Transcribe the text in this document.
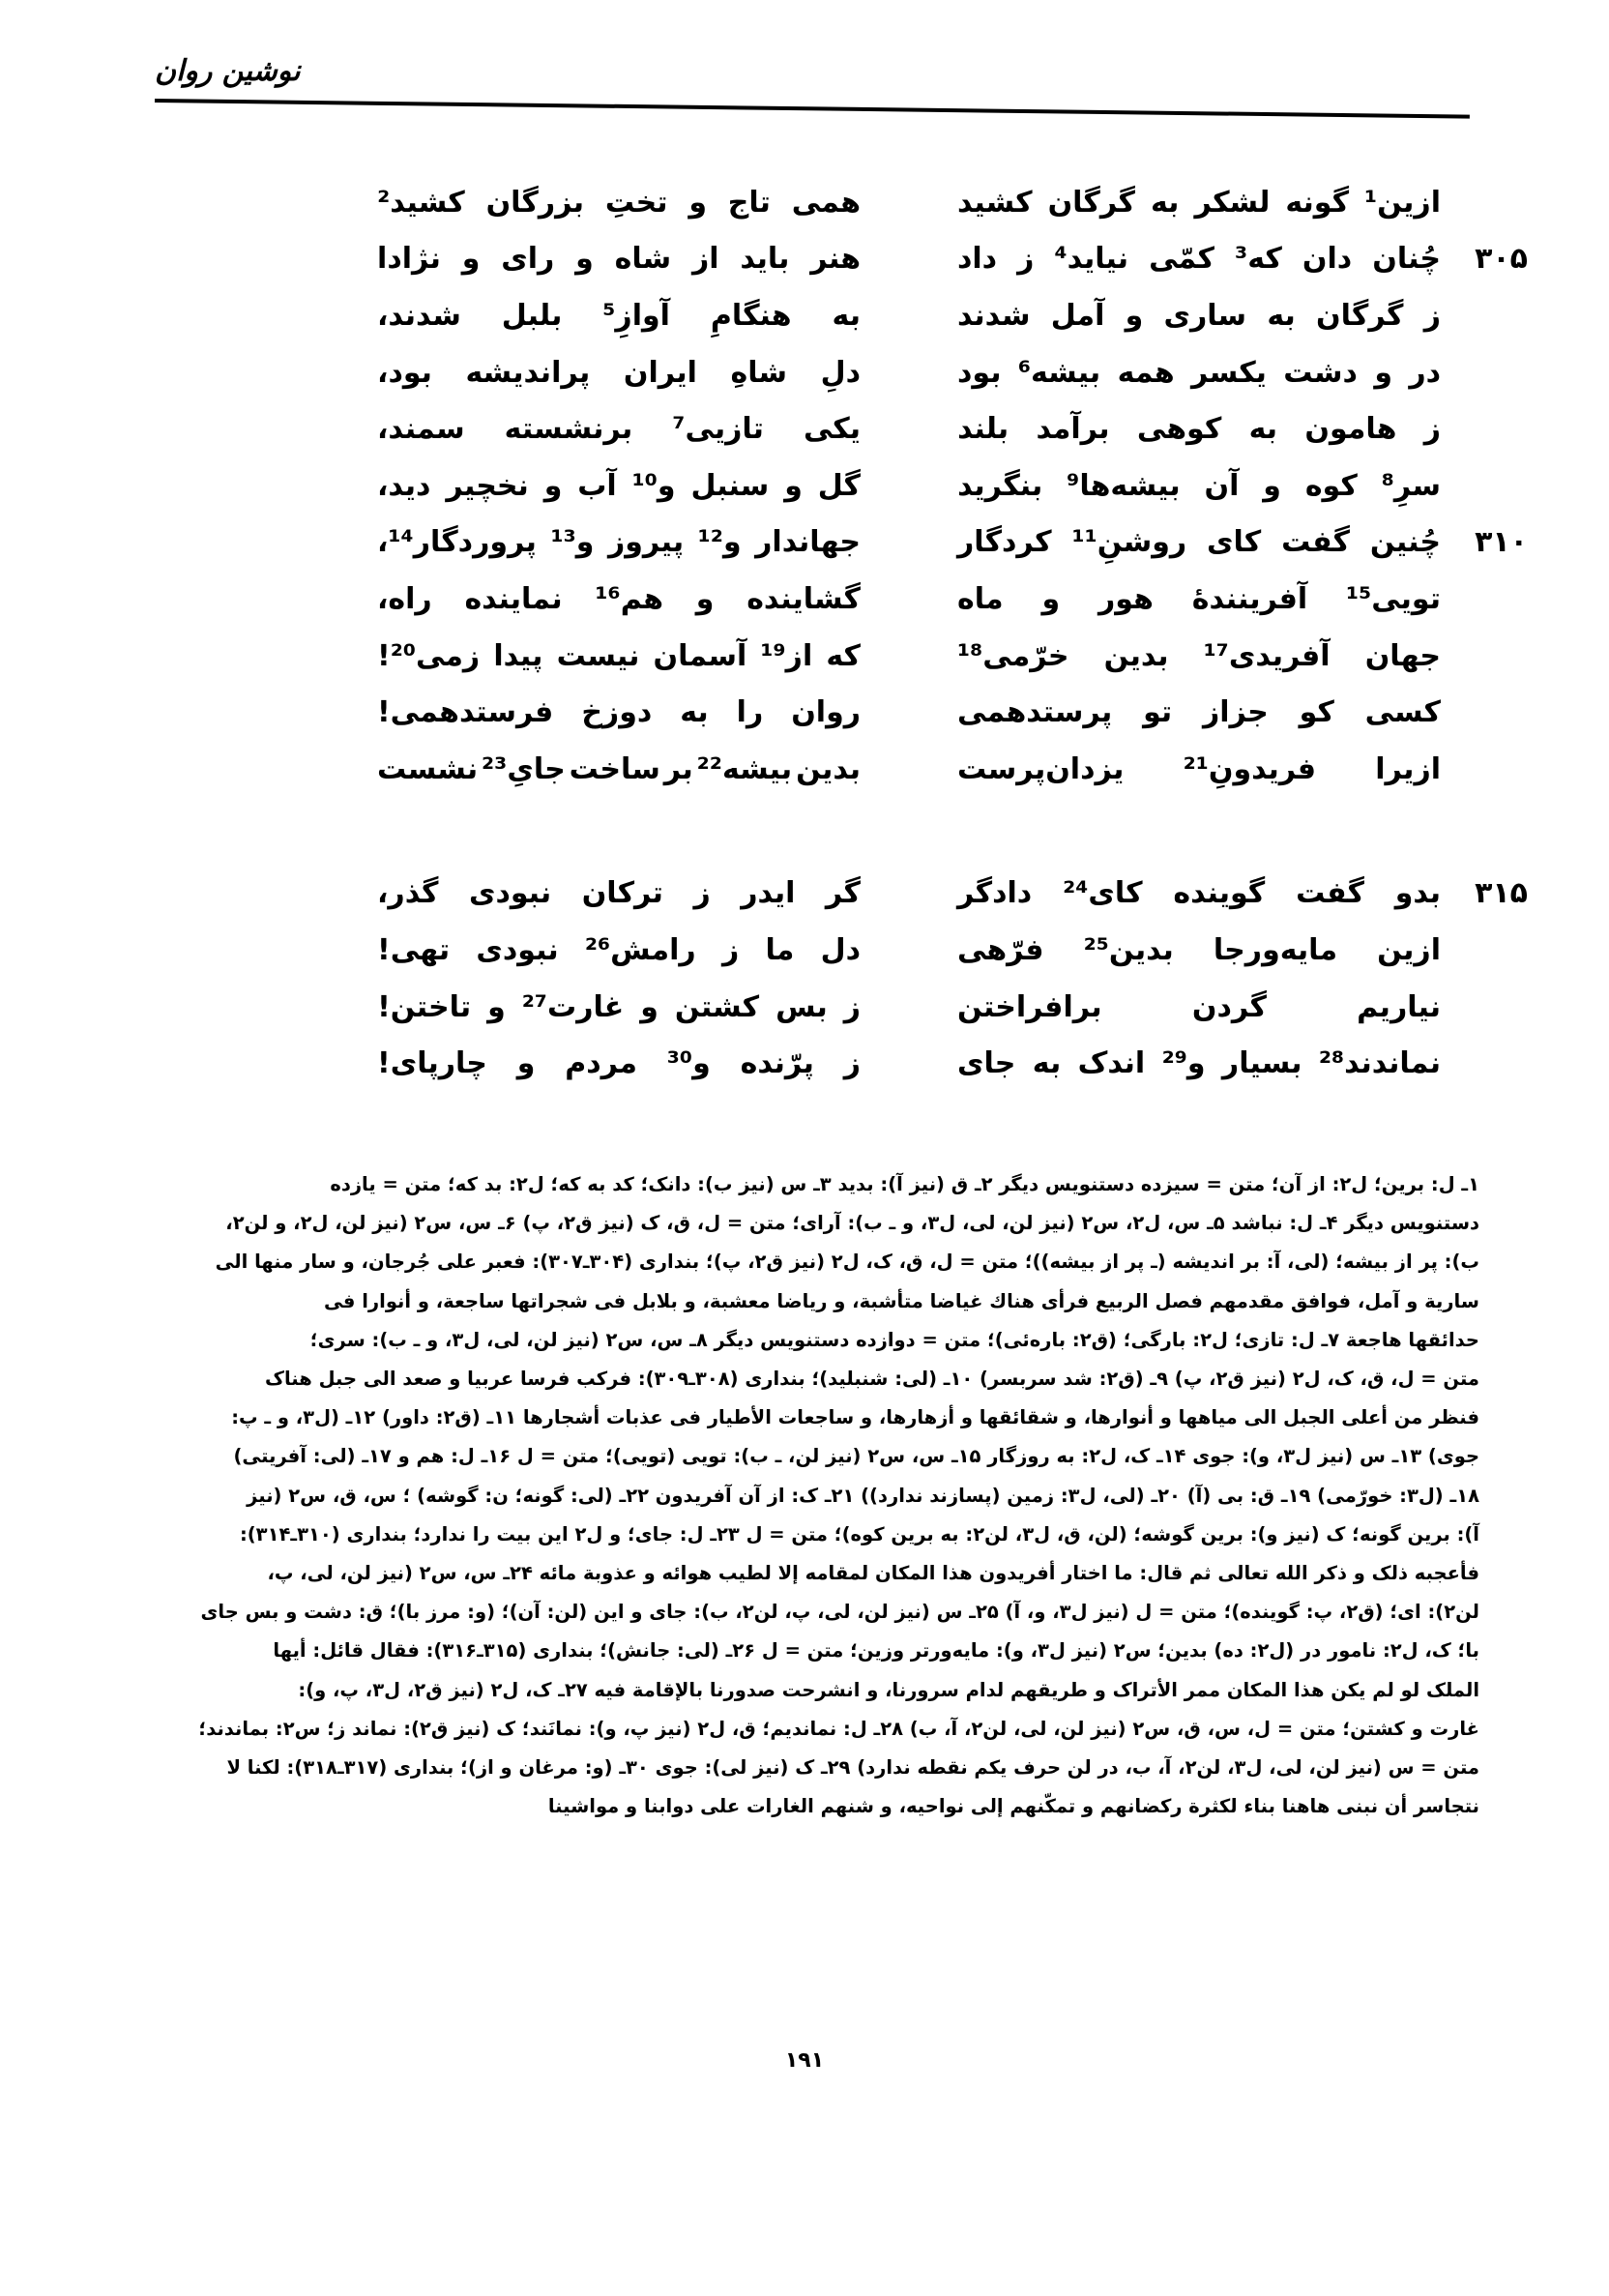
نوشین روان
ازین¹
گونه
لشکر
به
گرگان
کشید
همی
تاج
و
تختِ
بزرگان
کشید²
۳۰۵
چُنان
دان
که³
کمّی
نیاید⁴
ز
داد
هنر
باید
از
شاه
و
رای
و
نژادا
ز
گرگان
به
ساری
و
آمل
شدند
به
هنگامِ
آوازِ⁵
بلبل
شدند،
در
و
دشت
یکسر
همه
بیشه⁶
بود
دلِ
شاهِ
ایران
پراندیشه
بود،
ز
هامون
به
کوهی
برآمد
بلند
یکی
تازیی⁷
برنشسته
سمند،
سرِ⁸
کوه
و
آن
بیشه‌ها⁹
بنگرید
گل
و
سنبل
و¹⁰
آب
و
نخچیر
دید،
۳۱۰
چُنین
گفت
کای
روشنِ¹¹
کردگار
جهاندار
و¹²
پیروز
و¹³
پروردگار¹⁴،
تویی¹⁵
آفرینندهٔ
هور
و
ماه
گشاینده
و
هم¹⁶
نماینده
راه،
جهان
آفریدی¹⁷
بدین
خرّمی¹⁸
که
از¹⁹
آسمان
نیست
پیدا
زمی²⁰!
کسی
کو
جزاز
تو
پرستدهمی
روان
را
به
دوزخ
فرستدهمی!
ازیرا
فریدونِ²¹
یزدان‌پرست
بدین
بیشه²²
بر
ساخت
جایِ²³
نشست
۳۱۵
بدو
گفت
گوینده
کای²⁴
دادگر
گر
ایدر
ز
ترکان
نبودی
گذر،
ازین
مایه‌ورجا
بدین²⁵
فرّهی
دل
ما
ز
رامش²⁶
نبودی
تهی!
نیاریم
گردن
برافراختن
ز
بس
کشتن
و
غارت²⁷
و
تاختن!
نماندند²⁸
بسیار
و²⁹
اندک
به
جای
ز
پرّنده
و³⁰
مردم
و
چارپای!

۱ـ ل: برین؛ ل۲: از آن؛ متن = سیزده دستنویس دیگر ۲ـ ق (نیز آ): بدید ۳ـ س (نیز ب): دانک؛ کد به که؛ ل۲: بد که؛ متن = یازده

دستنویس دیگر ۴ـ ل: نباشد ۵ـ س، ل۲، س۲ (نیز لن، لی، ل۳، و ـ ب): آرای؛ متن = ل، ق، ک (نیز ق۲، پ) ۶ـ س، س۲ (نیز لن، ل۲، و لن۲،

ب): پر از بیشه؛ (لی، آ: بر اندیشه (ـ پر از بیشه))؛ متن = ل، ق، ک، ل۲ (نیز ق۲، پ)؛ بنداری (۳۰۴ـ۳۰۷): فعبر علی جُرجان، و سار منها الی

سارية و آمل، فوافق مقدمهم فصل الربيع فرأى هناك غياضا متأشبة، و رياضا معشبة، و بلابل فى شجراتها ساجعة، و أنوارا فى

حدائقها هاجعة ۷ـ ل: تازی؛ ل۲: بارگی؛ (ق۲: باره‌ئی)؛ متن = دوازده دستنویس دیگر ۸ـ س، س۲ (نیز لن، لی، ل۳، و ـ ب): سری؛

متن = ل، ق، ک، ل۲ (نیز ق۲، پ) ۹ـ (ق۲: شد سربسر) ۱۰ـ (لی: شنبلید)؛ بنداری (۳۰۸ـ۳۰۹): فرکب فرسا عربیا و صعد الی جبل هناک

فنظر من أعلى الجبل الى مياهها و أنوارها، و شقائقها و أزهارها، و ساجعات الأطيار فى عذبات أشجارها ۱۱ـ (ق۲: داور) ۱۲ـ (ل۳، و ـ پ:

جوی) ۱۳ـ س (نیز ل۳، و): جوی ۱۴ـ ک، ل۲: به روزگار ۱۵ـ س، س۲ (نیز لن، ـ ب): تویی (تویی)؛ متن = ل ۱۶ـ ل: هم و ۱۷ـ (لی: آفریتی)

۱۸ـ (ل۳: خورّمی) ۱۹ـ ق: بی (آ) ۲۰ـ (لی، ل۳: زمین (پسازند ندارد)) ۲۱ـ ک: از آن آفریدون ۲۲ـ (لی: گونه؛ ن: گوشه) ؛ س، ق، س۲ (نیز

آ): برین گونه؛ ک (نیز و): برین گوشه؛ (لن، ق، ل۳، لن۲: به برین کوه)؛ متن = ل ۲۳ـ ل: جای؛ و ل۲ این بیت را ندارد؛ بنداری (۳۱۰ـ۳۱۴):

فأعجبه ذلک و ذکر الله تعالی ثم قال: ما اختار أفریدون هذا المکان لمقامه إلا لطیب هوائه و عذوبة مائه ۲۴ـ س، س۲ (نیز لن، لی، پ،

لن۲): ای؛ (ق۲، پ: گوینده)؛ متن = ل (نیز ل۳، و، آ) ۲۵ـ س (نیز لن، لی، پ، لن۲، ب): جای و این (لن: آن)؛ (و: مرز با)؛ ق: دشت و بس جای

با؛ ک، ل۲: نامور در (ل۲: ده) بدین؛ س۲ (نیز ل۳، و): مایه‌ورتر وزین؛ متن = ل ۲۶ـ (لی: جانش)؛ بنداری (۳۱۵ـ۳۱۶): فقال قائل: أیها

الملک لو لم یکن هذا المکان ممر الأتراک و طریقهم لدام سرورنا، و انشرحت صدورنا بالإقامة فیه ۲۷ـ ک، ل۲ (نیز ق۲، ل۳، پ، و):

غارت و کشتن؛ متن = ل، س، ق، س۲ (نیز لن، لی، لن۲، آ، ب) ۲۸ـ ل: نماندیم؛ ق، ل۲ (نیز پ، و): نمانَند؛ ک (نیز ق۲): نماند ز؛ س۲: بماندند؛

متن = س (نیز لن، لی، ل۳، لن۲، آ، ب، در لن حرف یکم نقطه ندارد) ۲۹ـ ک (نیز لی): جوی ۳۰ـ (و: مرغان و از)؛ بنداری (۳۱۷ـ۳۱۸): لکنا لا

نتجاسر أن نبنی هاهنا بناء لکثرة رکضانهم و تمکّنهم إلى نواحیه، و شنهم الغارات على دوابنا و مواشینا

۱۹۱
